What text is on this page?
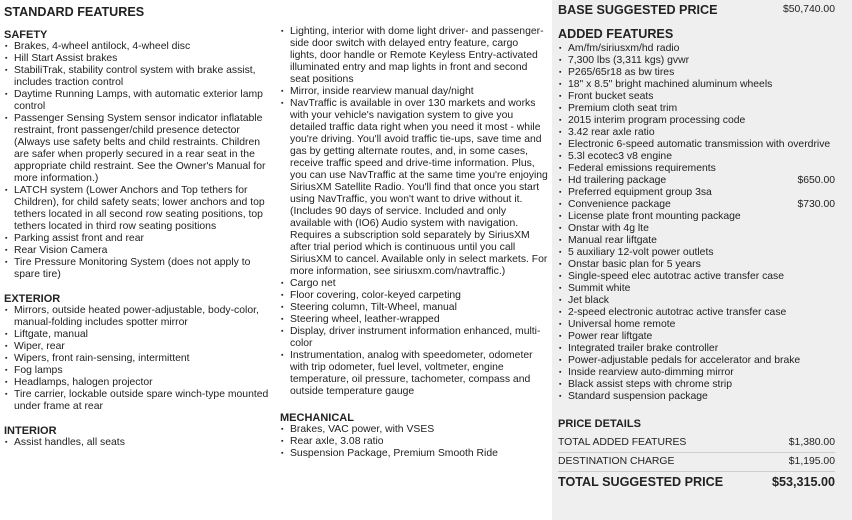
STANDARD FEATURES
SAFETY
▪ Brakes, 4-wheel antilock, 4-wheel disc
▪ Hill Start Assist brakes
▪ StabiliTrak, stability control system with brake assist, includes traction control
▪ Daytime Running Lamps, with automatic exterior lamp control
▪ Passenger Sensing System sensor indicator inflatable restraint, front passenger/child presence detector (Always use safety belts and child restraints. Children are safer when properly secured in a rear seat in the appropriate child restraint. See the Owner's Manual for more information.)
▪ LATCH system (Lower Anchors and Top tethers for Children), for child safety seats; lower anchors and top tethers located in all second row seating positions, top tethers located in third row seating positions
▪ Parking assist front and rear
▪ Rear Vision Camera
▪ Tire Pressure Monitoring System (does not apply to spare tire)
EXTERIOR
▪ Mirrors, outside heated power-adjustable, body-color, manual-folding includes spotter mirror
▪ Liftgate, manual
▪ Wiper, rear
▪ Wipers, front rain-sensing, intermittent
▪ Fog lamps
▪ Headlamps, halogen projector
▪ Tire carrier, lockable outside spare winch-type mounted under frame at rear
INTERIOR
▪ Assist handles, all seats
▪ Lighting, interior with dome light driver- and passenger-side door switch with delayed entry feature, cargo lights, door handle or Remote Keyless Entry-activated illuminated entry and map lights in front and second seat positions
▪ Mirror, inside rearview manual day/night
▪ NavTraffic is available in over 130 markets and works with your vehicle's navigation system to give you detailed traffic data right when you need it most - while you're driving. You'll avoid traffic tie-ups, save time and gas by getting alternate routes, and, in some cases, receive traffic speed and drive-time information. Plus, you can use NavTraffic at the same time you're enjoying SiriusXM Satellite Radio. You'll find that once you start using NavTraffic, you won't want to drive without it. (Includes 90 days of service. Included and only available with (IO6) Audio system with navigation. Requires a subscription sold separately by SiriusXM after trial period which is continuous until you call SiriusXM to cancel. Available only in select markets. For more information, see siriusxm.com/navtraffic.)
▪ Cargo net
▪ Floor covering, color-keyed carpeting
▪ Steering column, Tilt-Wheel, manual
▪ Steering wheel, leather-wrapped
▪ Display, driver instrument information enhanced, multi-color
▪ Instrumentation, analog with speedometer, odometer with trip odometer, fuel level, voltmeter, engine temperature, oil pressure, tachometer, compass and outside temperature gauge
MECHANICAL
▪ Brakes, VAC power, with VSES
▪ Rear axle, 3.08 ratio
▪ Suspension Package, Premium Smooth Ride
BASE SUGGESTED PRICE	$50,740.00
ADDED FEATURES
▪ Am/fm/siriusxm/hd radio
▪ 7,300 lbs (3,311 kgs) gvwr
▪ P265/65r18 as bw tires
▪ 18" x 8.5" bright machined aluminum wheels
▪ Front bucket seats
▪ Premium cloth seat trim
▪ 2015 interim program processing code
▪ 3.42 rear axle ratio
▪ Electronic 6-speed automatic transmission with overdrive
▪ 5.3l ecotec3 v8 engine
▪ Federal emissions requirements
▪ Hd trailering package	$650.00
▪ Preferred equipment group 3sa
▪ Convenience package	$730.00
▪ License plate front mounting package
▪ Onstar with 4g lte
▪ Manual rear liftgate
▪ 5 auxiliary 12-volt power outlets
▪ Onstar basic plan for 5 years
▪ Single-speed elec autotrac active transfer case
▪ Summit white
▪ Jet black
▪ 2-speed electronic autotrac active transfer case
▪ Universal home remote
▪ Power rear liftgate
▪ Integrated trailer brake controller
▪ Power-adjustable pedals for accelerator and brake
▪ Inside rearview auto-dimming mirror
▪ Black assist steps with chrome strip
▪ Standard suspension package
PRICE DETAILS
TOTAL ADDED FEATURES	$1,380.00
DESTINATION CHARGE	$1,195.00
TOTAL SUGGESTED PRICE	$53,315.00
